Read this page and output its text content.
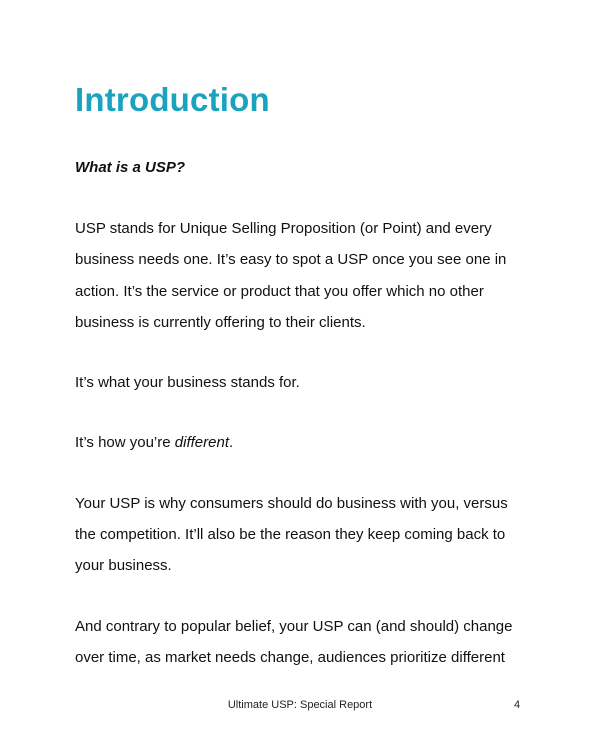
Introduction

What is a USP?

USP stands for Unique Selling Proposition (or Point) and every

business needs one. It’s easy to spot a USP once you see one in

action. It’s the service or product that you offer which no other

business is currently offering to their clients.

It’s what your business stands for.

It’s how you’re different.

Your USP is why consumers should do business with you, versus

the competition. It’ll also be the reason they keep coming back to

your business.

And contrary to popular belief, your USP can (and should) change

over time, as market needs change, audiences prioritize different

Ultimate USP: Special Report	4
